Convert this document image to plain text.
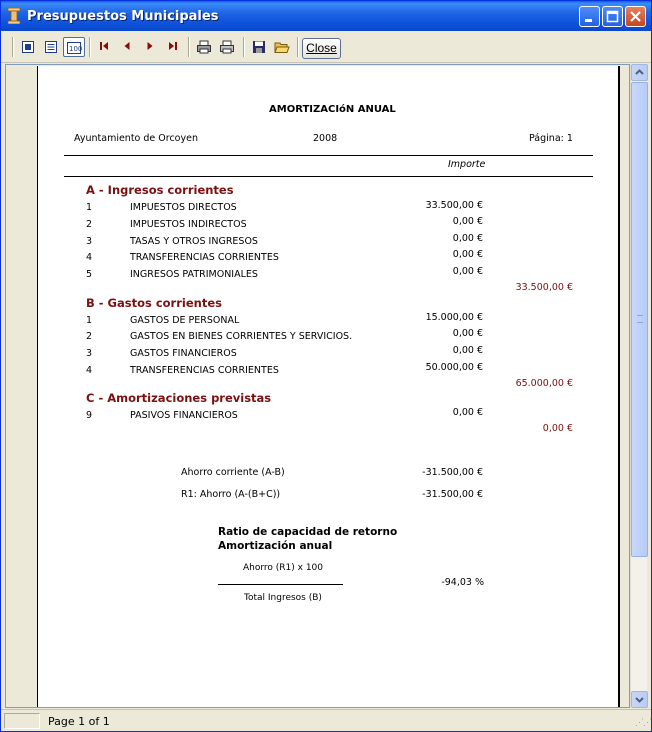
Presupuestos Municipales
100	Close
AMORTIZACIóN ANUAL
Ayuntamiento de Orcoyen	2008	Página: 1
Importe
A - Ingresos corrientes
1	IMPUESTOS DIRECTOS	33.500,00 €
2	IMPUESTOS INDIRECTOS	0,00 €
3	TASAS Y OTROS INGRESOS	0,00 €
4	TRANSFERENCIAS CORRIENTES	0,00 €
5	INGRESOS PATRIMONIALES	0,00 €
33.500,00 €
B - Gastos corrientes
1	GASTOS DE PERSONAL	15.000,00 €
2	GASTOS EN BIENES CORRIENTES Y SERVICIOS.	0,00 €
3	GASTOS FINANCIEROS	0,00 €
4	TRANSFERENCIAS CORRIENTES	50.000,00 €
65.000,00 €
C - Amortizaciones previstas
9	PASIVOS FINANCIEROS	0,00 €
0,00 €
Ahorro corriente (A-B)	-31.500,00 €
R1: Ahorro (A-(B+C))	-31.500,00 €
Ratio de capacidad de retorno
Amortización anual
Ahorro (R1) x 100
-94,03 %
Total Ingresos (B)
Page 1 of 1	⋰⋰
